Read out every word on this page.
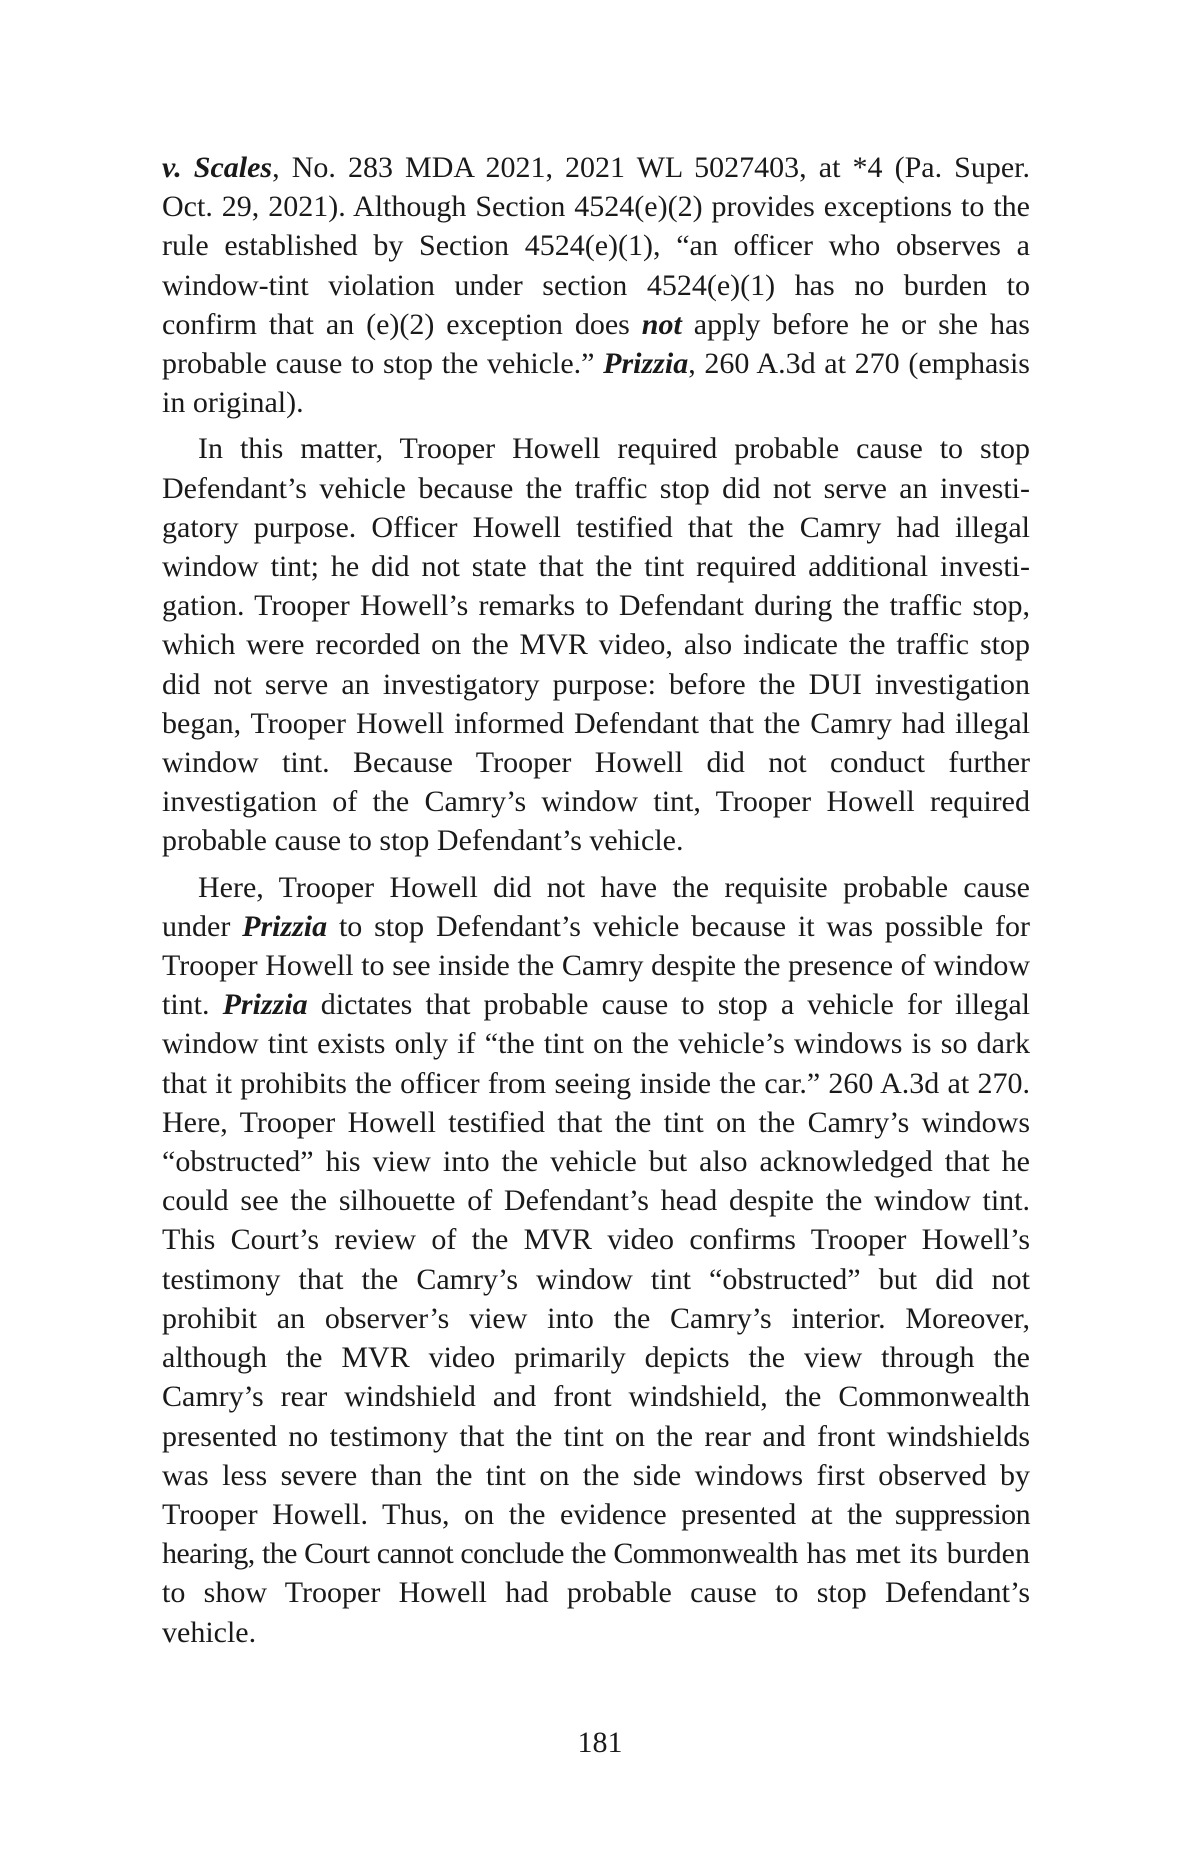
v. Scales, No. 283 MDA 2021, 2021 WL 5027403, at *4 (Pa. Super. Oct. 29, 2021). Although Section 4524(e)(2) provides exceptions to the rule established by Section 4524(e)(1), “an officer who observes a window-tint violation under section 4524(e)(1) has no burden to confirm that an (e)(2) exception does not apply before he or she has probable cause to stop the vehicle.” Prizzia, 260 A.3d at 270 (emphasis in original).

In this matter, Trooper Howell required probable cause to stop Defendant’s vehicle because the traffic stop did not serve an investigatory purpose. Officer Howell testified that the Camry had illegal window tint; he did not state that the tint required additional investigation. Trooper Howell’s remarks to Defendant during the traffic stop, which were recorded on the MVR video, also indicate the traffic stop did not serve an investigatory purpose: before the DUI investigation began, Trooper Howell informed Defendant that the Camry had illegal window tint. Because Trooper Howell did not conduct further investigation of the Camry’s window tint, Trooper Howell required probable cause to stop Defendant’s vehicle.

Here, Trooper Howell did not have the requisite probable cause under Prizzia to stop Defendant’s vehicle because it was possible for Trooper Howell to see inside the Camry despite the presence of window tint. Prizzia dictates that probable cause to stop a vehicle for illegal window tint exists only if “the tint on the vehicle’s windows is so dark that it prohibits the officer from seeing inside the car.” 260 A.3d at 270. Here, Trooper Howell testified that the tint on the Camry’s windows “obstructed” his view into the vehicle but also acknowledged that he could see the silhouette of Defendant’s head despite the window tint. This Court’s review of the MVR video confirms Trooper Howell’s testimony that the Camry’s window tint “obstructed” but did not prohibit an observer’s view into the Camry’s interior. Moreover, although the MVR video primarily depicts the view through the Camry’s rear windshield and front windshield, the Commonwealth presented no testimony that the tint on the rear and front windshields was less severe than the tint on the side windows first observed by Trooper Howell. Thus, on the evidence presented at the suppression hearing, the Court cannot conclude the Commonwealth has met its burden to show Trooper Howell had probable cause to stop Defendant’s vehicle.

181
